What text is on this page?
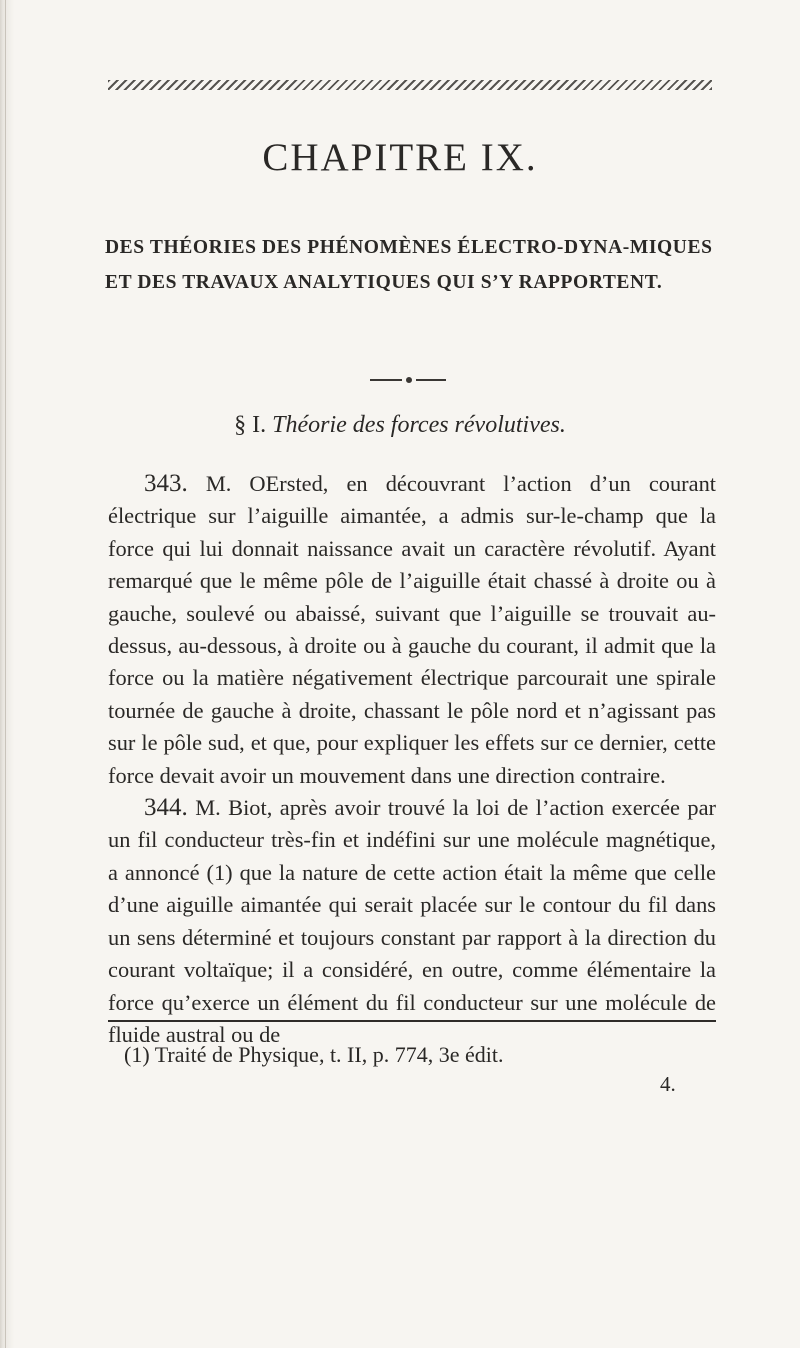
CHAPITRE IX.
DES THÉORIES DES PHÉNOMÈNES ÉLECTRO-DYNA-MIQUES ET DES TRAVAUX ANALYTIQUES QUI S’Y RAPPORTENT.
§ I. Théorie des forces révolutives.

343. M. OErsted, en découvrant l’action d’un courant électrique sur l’aiguille aimantée, a admis sur-le-champ que la force qui lui donnait naissance avait un caractère révolutif. Ayant remarqué que le même pôle de l’aiguille était chassé à droite ou à gauche, soulevé ou abaissé, suivant que l’aiguille se trouvait au-dessus, au-dessous, à droite ou à gauche du courant, il admit que la force ou la matière négativement électrique parcourait une spirale tournée de gauche à droite, chassant le pôle nord et n’agissant pas sur le pôle sud, et que, pour expliquer les effets sur ce dernier, cette force devait avoir un mouvement dans une direction contraire.

344. M. Biot, après avoir trouvé la loi de l’action exercée par un fil conducteur très-fin et indéfini sur une molécule magnétique, a annoncé (1) que la nature de cette action était la même que celle d’une aiguille aimantée qui serait placée sur le contour du fil dans un sens déterminé et toujours constant par rapport à la direction du courant voltaïque; il a considéré, en outre, comme élémentaire la force qu’exerce un élément du fil conducteur sur une molécule de fluide austral ou de

(1) Traité de Physique, t. II, p. 774, 3e édit.

4.
